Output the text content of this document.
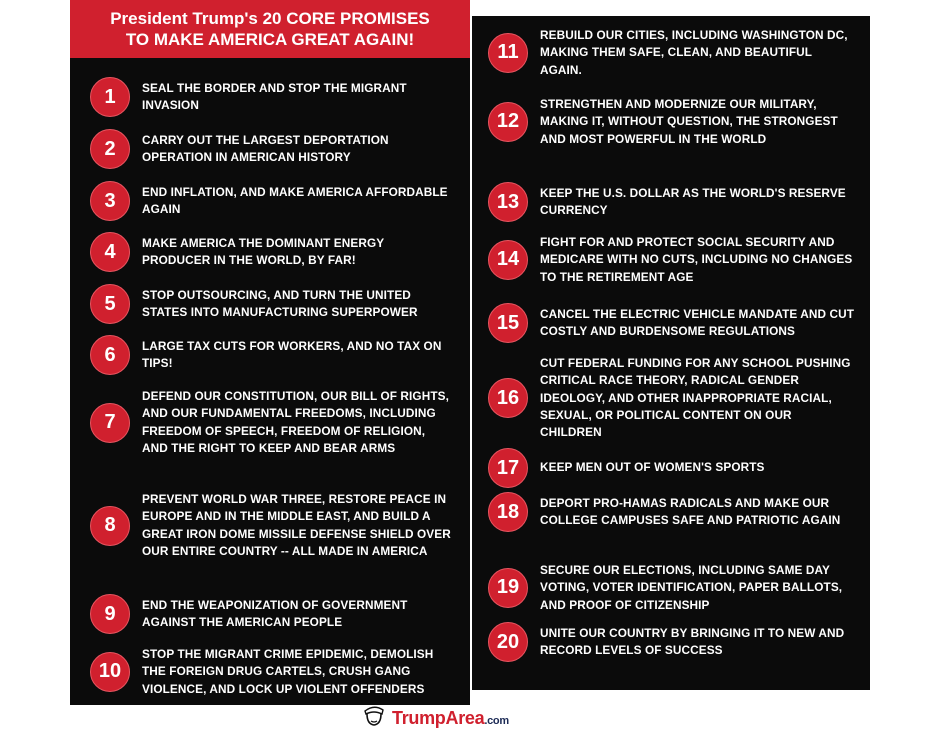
President Trump's 20 CORE PROMISES
TO MAKE AMERICA GREAT AGAIN!
1	SEAL THE BORDER AND STOP THE MIGRANT INVASION
2	CARRY OUT THE LARGEST DEPORTATION OPERATION IN AMERICAN HISTORY
3	END INFLATION, AND MAKE AMERICA AFFORDABLE AGAIN
4	MAKE AMERICA THE DOMINANT ENERGY PRODUCER IN THE WORLD, BY FAR!
5	STOP OUTSOURCING, AND TURN THE UNITED STATES INTO MANUFACTURING SUPERPOWER
6	LARGE TAX CUTS FOR WORKERS, AND NO TAX ON TIPS!
7
DEFEND OUR CONSTITUTION, OUR BILL OF RIGHTS, AND OUR FUNDAMENTAL FREEDOMS, INCLUDING FREEDOM OF SPEECH, FREEDOM OF RELIGION, AND THE RIGHT TO KEEP AND BEAR ARMS
8
PREVENT WORLD WAR THREE, RESTORE PEACE IN EUROPE AND IN THE MIDDLE EAST, AND BUILD A GREAT IRON DOME MISSILE DEFENSE SHIELD OVER OUR ENTIRE COUNTRY -- ALL MADE IN AMERICA
9	END THE WEAPONIZATION OF GOVERNMENT AGAINST THE AMERICAN PEOPLE
10
STOP THE MIGRANT CRIME EPIDEMIC, DEMOLISH THE FOREIGN DRUG CARTELS, CRUSH GANG VIOLENCE, AND LOCK UP VIOLENT OFFENDERS
11
REBUILD OUR CITIES, INCLUDING WASHINGTON DC, MAKING THEM SAFE, CLEAN, AND BEAUTIFUL AGAIN.
12
STRENGTHEN AND MODERNIZE OUR MILITARY, MAKING IT, WITHOUT QUESTION, THE STRONGEST AND MOST POWERFUL IN THE WORLD
13	KEEP THE U.S. DOLLAR AS THE WORLD'S RESERVE CURRENCY
14
FIGHT FOR AND PROTECT SOCIAL SECURITY AND MEDICARE WITH NO CUTS, INCLUDING NO CHANGES TO THE RETIREMENT AGE
15	CANCEL THE ELECTRIC VEHICLE MANDATE AND CUT COSTLY AND BURDENSOME REGULATIONS
16
CUT FEDERAL FUNDING FOR ANY SCHOOL PUSHING CRITICAL RACE THEORY, RADICAL GENDER IDEOLOGY, AND OTHER INAPPROPRIATE RACIAL, SEXUAL, OR POLITICAL CONTENT ON OUR CHILDREN
17	KEEP MEN OUT OF WOMEN'S SPORTS
18	DEPORT PRO-HAMAS RADICALS AND MAKE OUR COLLEGE CAMPUSES SAFE AND PATRIOTIC AGAIN
19
SECURE OUR ELECTIONS, INCLUDING SAME DAY VOTING, VOTER IDENTIFICATION, PAPER BALLOTS, AND PROOF OF CITIZENSHIP
20	UNITE OUR COUNTRY BY BRINGING IT TO NEW AND RECORD LEVELS OF SUCCESS
TrumpArea.com
